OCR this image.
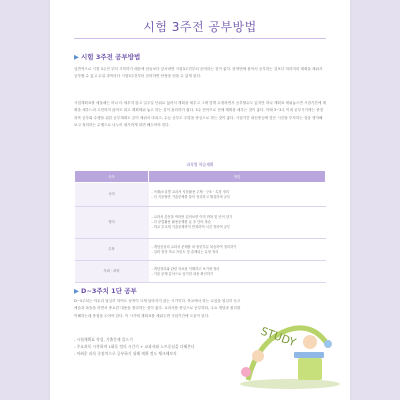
시험 3주전 공부방법
▶ 시험 3주전 공부방법
일반적으로 시험 3주전 부터 시작하기 때문에 남들보다 앞서려면 시험3주전부터 준비하는 것이 좋다. 한꺼번에 몰아서 공부하는 것보다 미리미리 계획을 세워서 공부할 수 있고 수업 과목마다 시험3주전부터 준비하면 안정을 얻을 수 있게 된다.
시험계획표를 세울때는 하나 더 세우지 않고 일주일 단위로 끊어서 계획을 세우고 그에 맞게 수정하면서 공부할수도 있지만 하나 계획표 세워놓으면 시험기간에 계획을 세우느라 고민하지 않아도 되고 계획세워 놓고 하는 것이 관리하기 쉽다. 3주 전이므로 전체 계획을 세우는 것이 좋다. 이때 3~3주 이내 공부시기에는 중점과목 공부와 수행을 위한 공부계획도 같이 세워서 마치고, 수능 공부도 주말을 중심으로 하는 것이 좋다. 시험기간 내신중심에 맞은 시간을 투자하는 것을 생각해 보고 정리하는 수행으로 나누어 평가하게 되면 해두어야 한다.
과목별 학습계획
과목	방법
국어	- 독해/소설별 교과서 지문활용 주제 · 구조 · 특징 정리
- 더 지문할만 기출문제를 풀어 정리하고 해설하며 공부

영어	- 교과서 본문을 여러번 읽어보면 이미 반복 및 단어 암기
- 더 문법활용 활용문제를 푼 후 단어 복습
- 학교 부교재 기출문제까지 반복하여 시간 정하여 공부

수학	- 개념중심의 교과서 문제를 외 틀린부분 복습하여 정리하기
- 실력 향상 학교 프린트 및 출제되는 유형 정리

사회 · 과학	- 개념정리와 관련 자료를 이해하고 보기에 정리
- 기출 문제 분석으로 암기한 내용 확인하기
▶ D~3주치 1단 공부
D~3주치는 아무리 열심히 하여도 성적이 크게 달라지지 않는 시기이다. 학교에서 하는 수업을 열심히 듣고 예습과 복습을 하면서 중요한 내용을 정리하는 것이 좋다. 교과서를 중심으로 공부하되, 주요 개념과 원리를 이해하는데 중점을 두어야 한다. 이 시기에 계획표를 세워두면 시험기간에 도움이 된다.
- 시험계획표 작성, 기출문제 풀으기
- 주요과목 시작하며 1회독 정리 시간기 + 교과서와 노트중심을 다해본다
- 어려운 과목 중점적으로 공부하기 위해 계획 정도 체크해보자
STUDY
